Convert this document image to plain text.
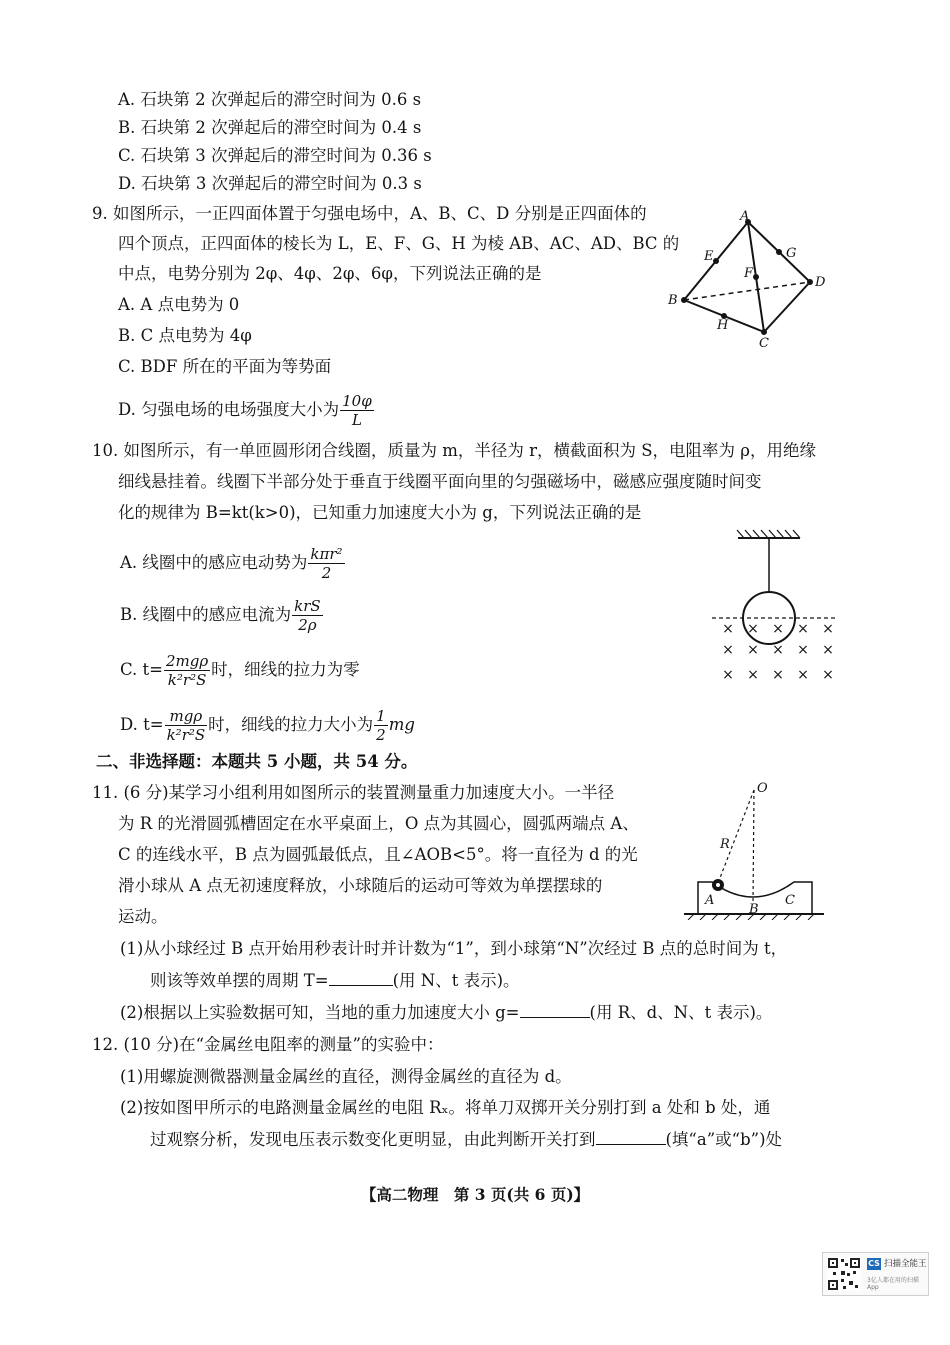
A. 石块第 2 次弹起后的滞空时间为 0.6 s
B. 石块第 2 次弹起后的滞空时间为 0.4 s
C. 石块第 3 次弹起后的滞空时间为 0.36 s
D. 石块第 3 次弹起后的滞空时间为 0.3 s
9. 如图所示，一正四面体置于匀强电场中，A、B、C、D 分别是正四面体的
四个顶点，正四面体的棱长为 L，E、F、G、H 为棱 AB、AC、AD、BC 的
中点，电势分别为 2φ、4φ、2φ、6φ，下列说法正确的是
A. A 点电势为 0
B. C 点电势为 4φ
C. BDF 所在的平面为等势面
D. 匀强电场的电场强度大小为 $\frac{10\varphi}{L}$
A
B
C
D
E
F
G
H
10. 如图所示，有一单匝圆形闭合线圈，质量为 m，半径为 r，横截面积为 S，电阻率为 ρ，用绝缘
细线悬挂着。线圈下半部分处于垂直于线圈平面向里的匀强磁场中，磁感应强度随时间变
化的规律为 B=kt(k>0)，已知重力加速度大小为 g，下列说法正确的是
A. 线圈中的感应电动势为 $\frac{\text{kπr²}}{2}$
B. 线圈中的感应电流为 $\frac{\text{krS}}{2\rho}$
C. $t= \frac{\text{2mgρ}}{\text{k²r²S}}$ 时，细线的拉力为零
D. $t= \frac{\text{mgρ}}{\text{k²r²S}}$ 时，细线的拉力大小为 $\frac{1}{2}$ mg
× × × × ×
× × × × ×
× × × × ×
二、非选择题：本题共 5 小题，共 54 分。
11. (6 分)某学习小组利用如图所示的装置测量重力加速度大小。一半径
为 R 的光滑圆弧槽固定在水平桌面上，O 点为其圆心，圆弧两端点 A、
C 的连线水平，B 点为圆弧最低点，且∠AOB<5°。将一直径为 d 的光
滑小球从 A 点无初速度释放，小球随后的运动可等效为单摆摆球的
运动。
(1)从小球经过 B 点开始用秒表计时并计数为“1”，到小球第“N”次经过 B 点的总时间为 t，
则该等效单摆的周期 T=	(用 N、t 表示)。
(2)根据以上实验数据可知，当地的重力加速度大小 g=	(用 R、d、N、t 表示)。
O
R
A
B
C
12. (10 分)在“金属丝电阻率的测量”的实验中：
(1)用螺旋测微器测量金属丝的直径，测得金属丝的直径为 d。
(2)按如图甲所示的电路测量金属丝的电阻 Rₓ。将单刀双掷开关分别打到 a 处和 b 处，通
过观察分析，发现电压表示数变化更明显，由此判断开关打到	(填“a”或“b”)处
【高二物理　第 3 页(共 6 页)】
CS 扫描全能王
3亿人都在用的扫描App
